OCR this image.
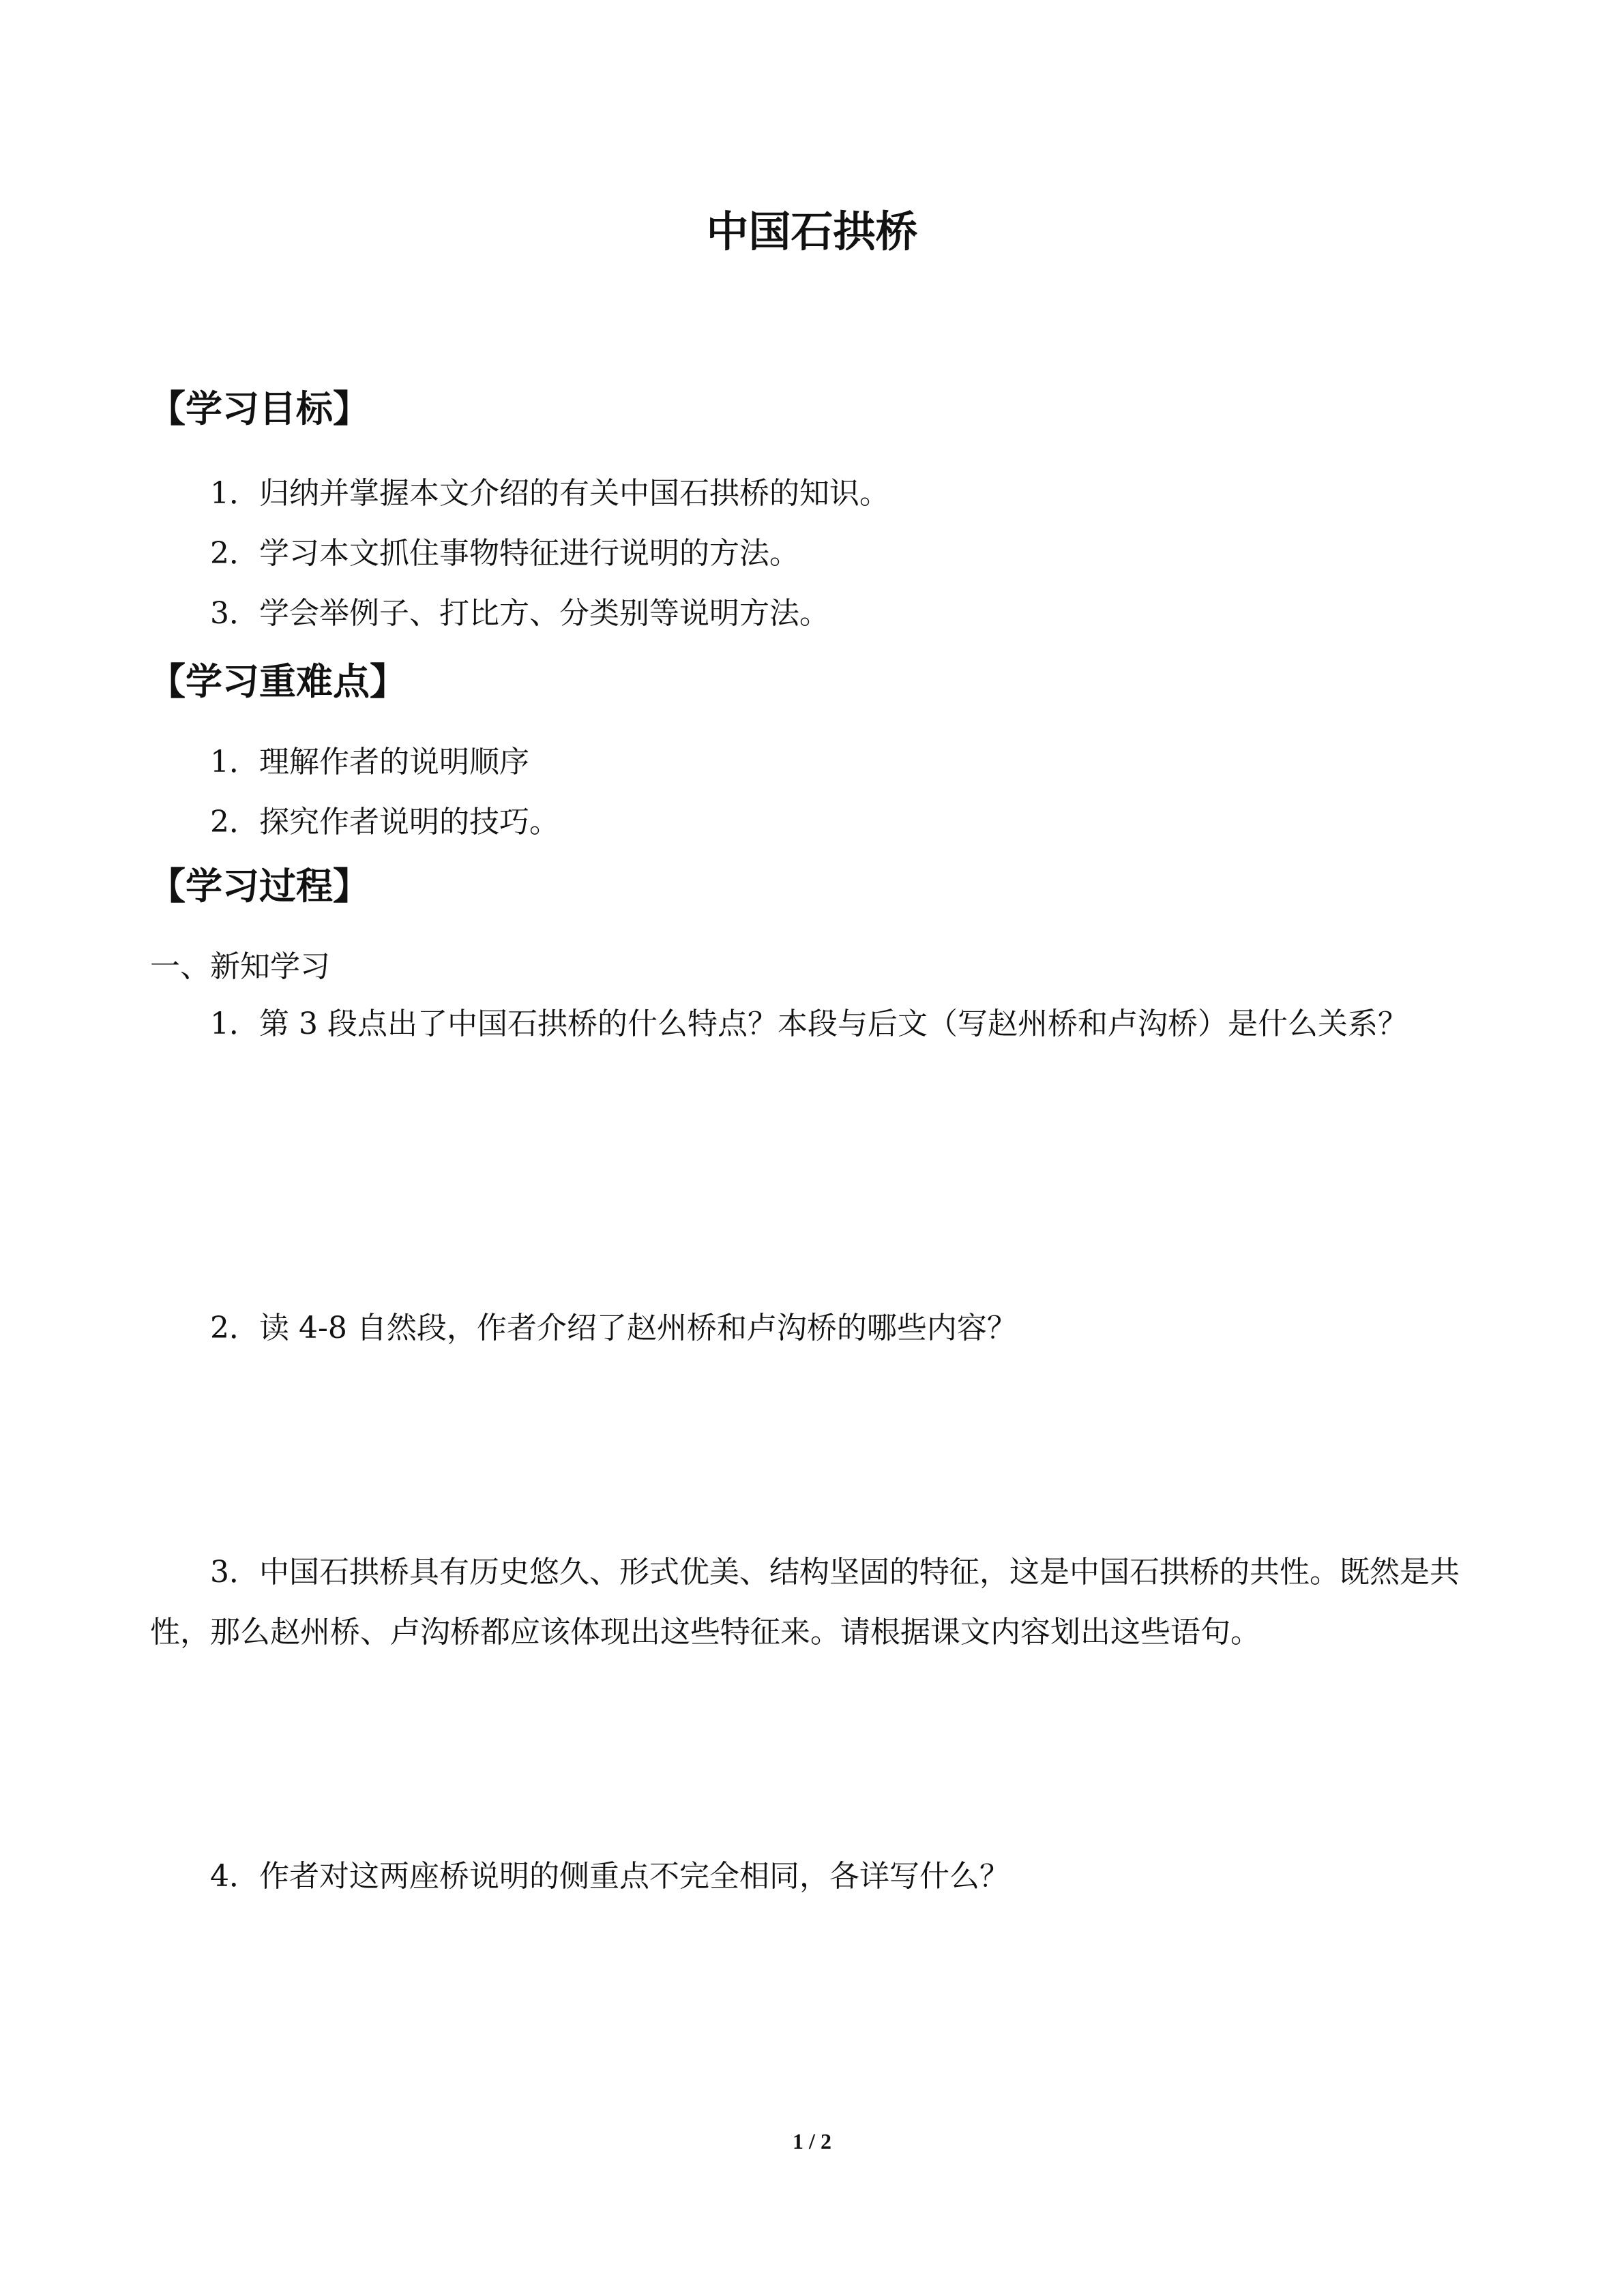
中国石拱桥
【学习目标】
1．归纳并掌握本文介绍的有关中国石拱桥的知识。
2．学习本文抓住事物特征进行说明的方法。
3．学会举例子、打比方、分类别等说明方法。
【学习重难点】
1．理解作者的说明顺序
2．探究作者说明的技巧。
【学习过程】
一、新知学习
1．第 3 段点出了中国石拱桥的什么特点？本段与后文（写赵州桥和卢沟桥）是什么关系？
2．读 4-8 自然段，作者介绍了赵州桥和卢沟桥的哪些内容？
3．中国石拱桥具有历史悠久、形式优美、结构坚固的特征，这是中国石拱桥的共性。既然是共性，那么赵州桥、卢沟桥都应该体现出这些特征来。请根据课文内容划出这些语句。
4．作者对这两座桥说明的侧重点不完全相同，各详写什么？
1 / 2
